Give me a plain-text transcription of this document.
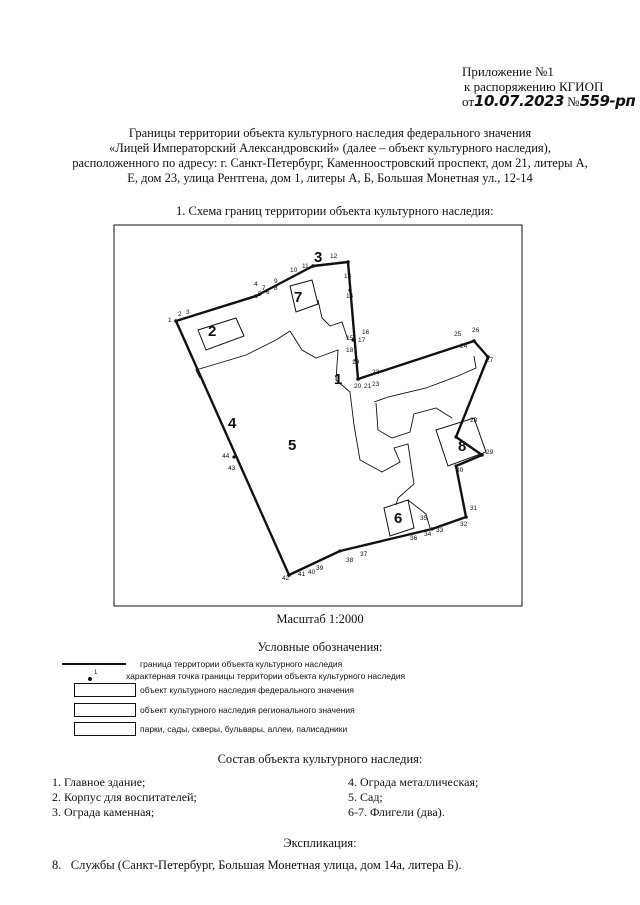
Приложение №1
к распоряжению КГИОП
от10.07.2023 №559-рп
Границы территории объекта культурного наследия федерального значения
«Лицей Императорский Александровский» (далее – объект культурного наследия),
расположенного по адресу: г. Санкт-Петербург, Каменноостровский проспект, дом 21, литеры А,
Е, дом 23, улица Рентгена, дом 1, литеры А, Б, Большая Монетная ул., 12-14
1. Схема границ территории объекта культурного наследия:
2
7
3
1
4
5	8
6
1
2 3
4
5 6
7 8
9
10
11
12
13
14
15
16
17
18
19
20 21
22
23
24
25
26
27
28
29
30
31
32
33
34
35
36
37
38
39
40
41
42
43
44
Масштаб 1:2000
Условные обозначения:
граница территории объекта культурного наследия
1	характерная точка границы территории объекта культурного наследия
объект культурного наследия федерального значения
объект культурного наследия регионального значения
парки, сады, скверы, бульвары, аллеи, палисадники
Состав объекта культурного наследия:
1. Главное здание;
2. Корпус для воспитателей;
3. Ограда каменная;
4. Ограда металлическая;
5. Сад;
6-7. Флигели (два).
Экспликация:
8. Службы (Санкт-Петербург, Большая Монетная улица, дом 14а, литера Б).
